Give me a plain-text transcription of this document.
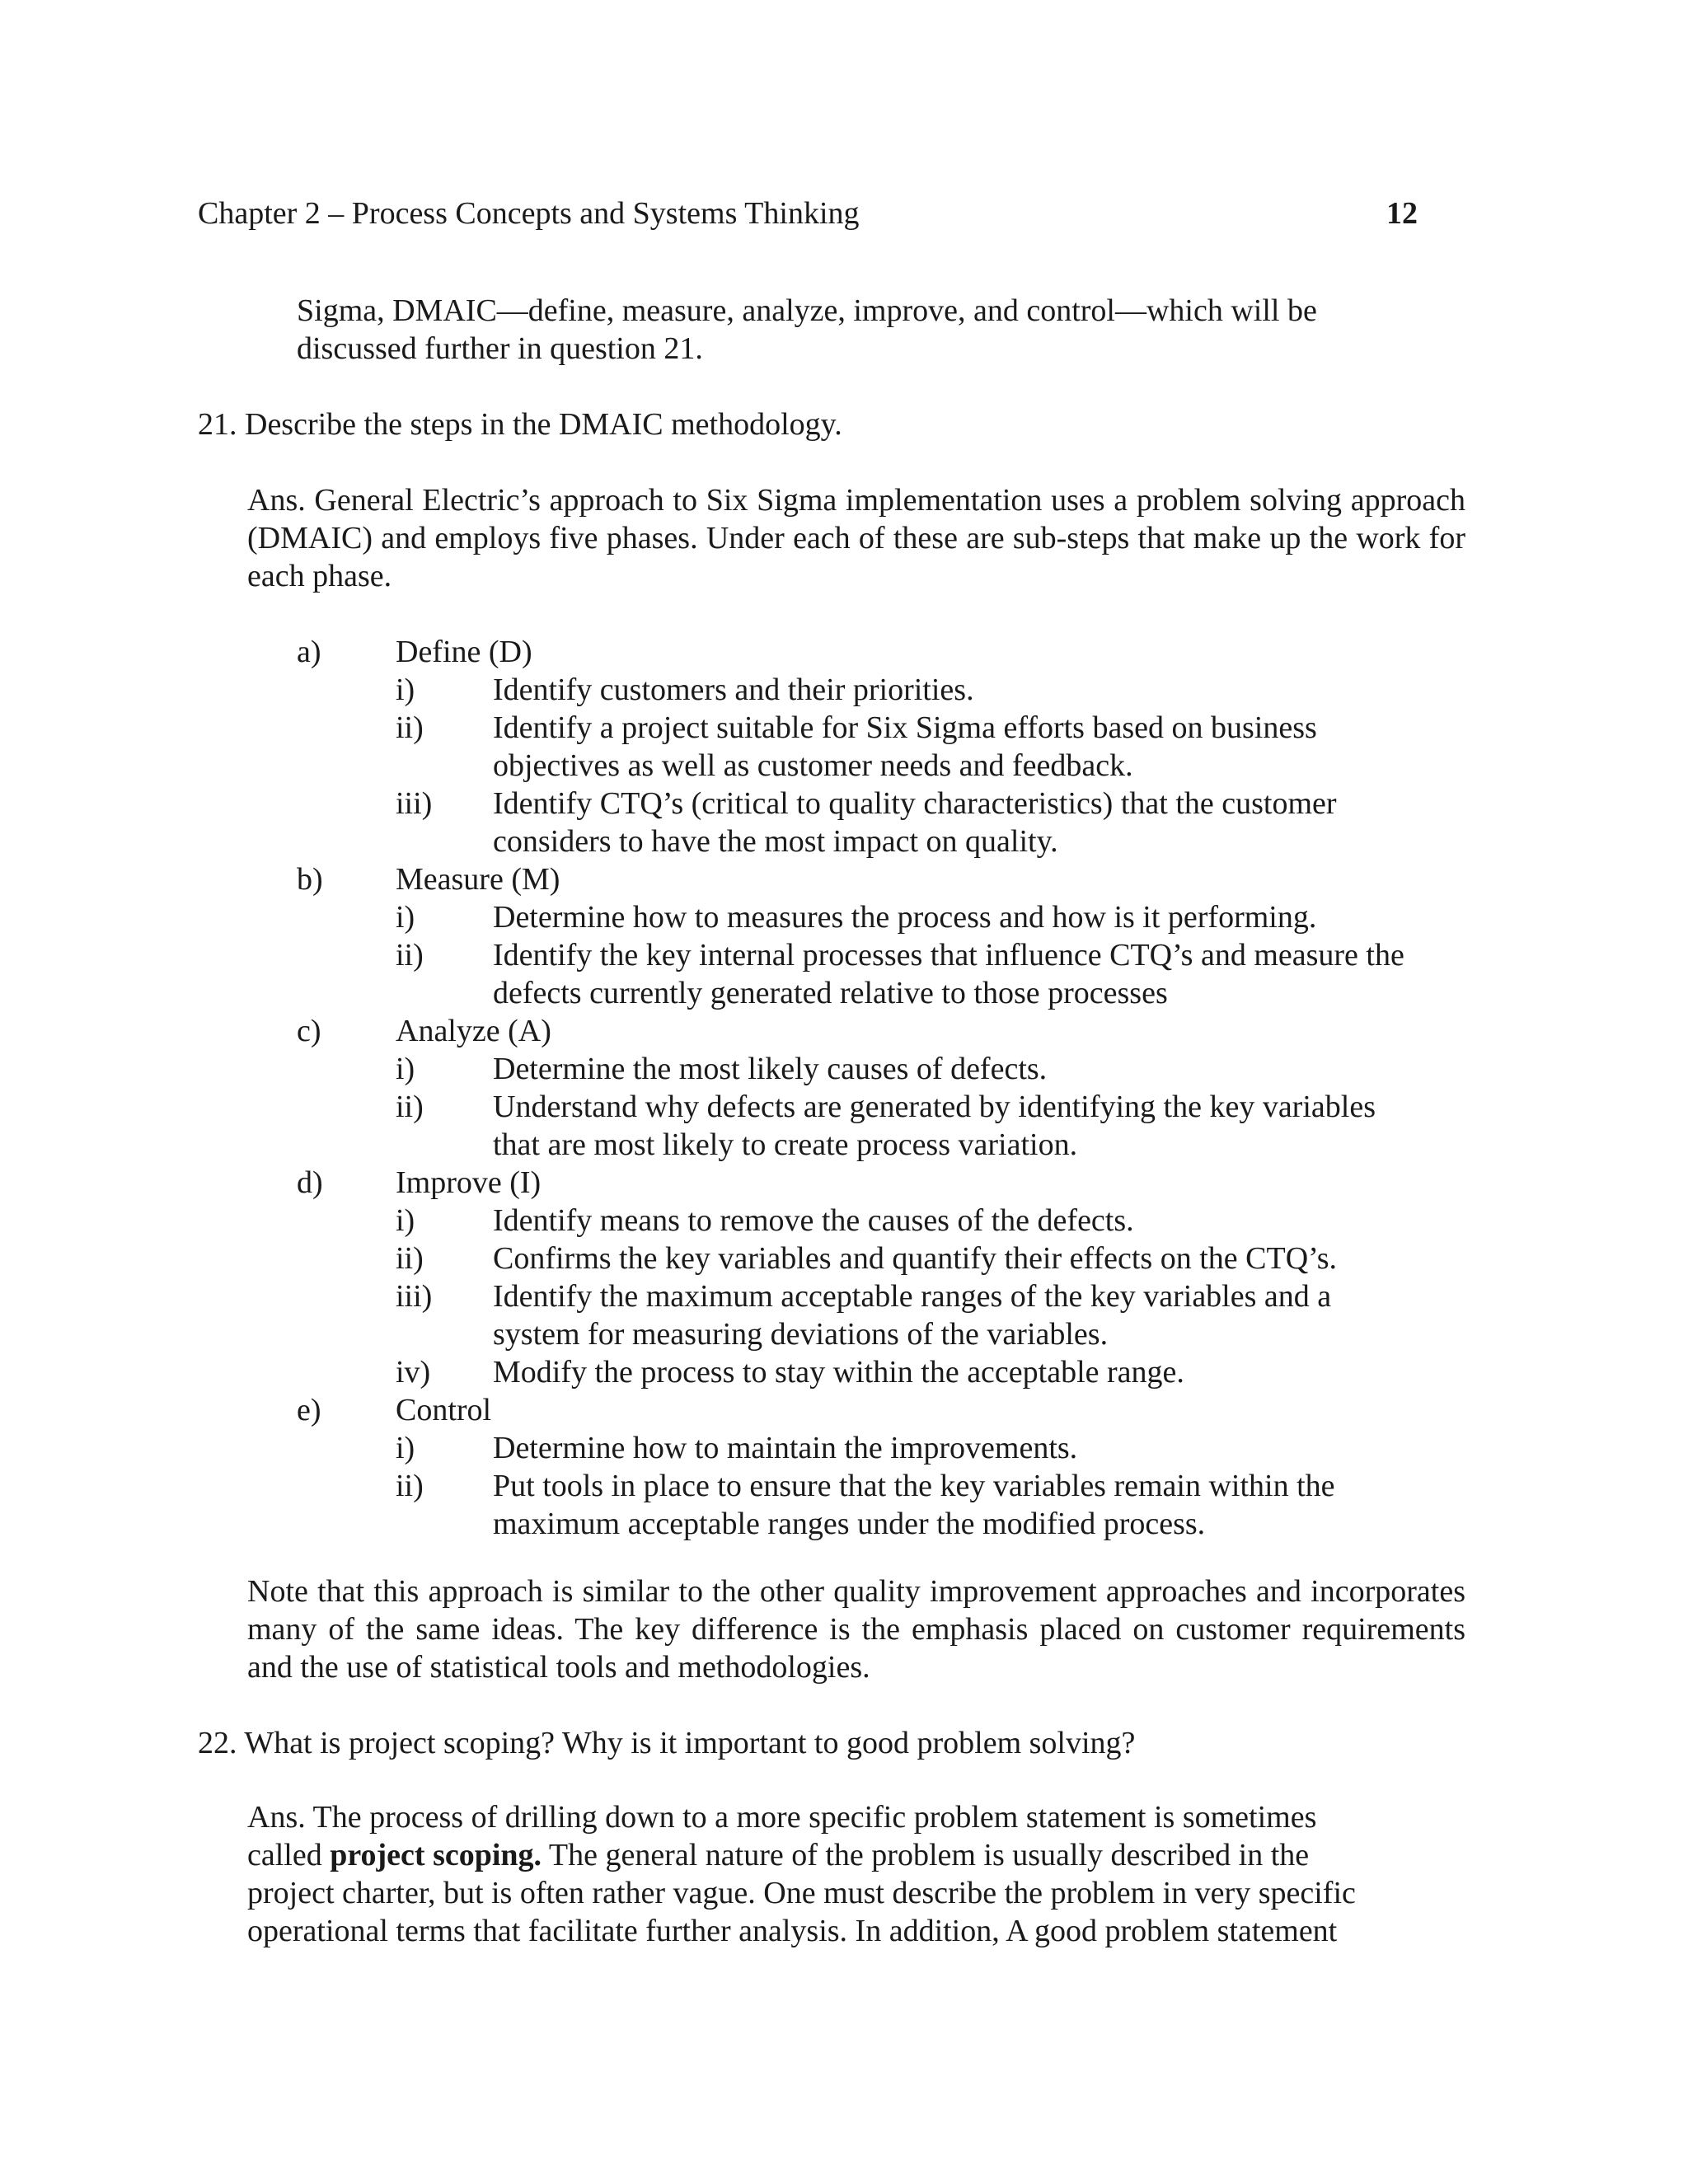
Chapter 2 – Process Concepts and Systems Thinking	12
Sigma, DMAIC—define, measure, analyze, improve, and control—which will be
discussed further in question 21.
21. Describe the steps in the DMAIC methodology.
Ans. General Electric’s approach to Six Sigma implementation uses a problem solving approach (DMAIC) and employs five phases. Under each of these are sub-steps that make up the work for each phase.
a) Define (D)
i) Identify customers and their priorities.
ii) Identify a project suitable for Six Sigma efforts based on business
objectives as well as customer needs and feedback.
iii) Identify CTQ’s (critical to quality characteristics) that the customer
considers to have the most impact on quality.
b) Measure (M)
i) Determine how to measures the process and how is it performing.
ii) Identify the key internal processes that influence CTQ’s and measure the
defects currently generated relative to those processes
c) Analyze (A)
i) Determine the most likely causes of defects.
ii) Understand why defects are generated by identifying the key variables
that are most likely to create process variation.
d) Improve (I)
i) Identify means to remove the causes of the defects.
ii) Confirms the key variables and quantify their effects on the CTQ’s.
iii) Identify the maximum acceptable ranges of the key variables and a
system for measuring deviations of the variables.
iv) Modify the process to stay within the acceptable range.
e) Control
i) Determine how to maintain the improvements.
ii) Put tools in place to ensure that the key variables remain within the
maximum acceptable ranges under the modified process.
Note that this approach is similar to the other quality improvement approaches and incorporates many of the same ideas. The key difference is the emphasis placed on customer requirements and the use of statistical tools and methodologies.
22. What is project scoping? Why is it important to good problem solving?
Ans. The process of drilling down to a more specific problem statement is sometimes
called project scoping. The general nature of the problem is usually described in the
project charter, but is often rather vague. One must describe the problem in very specific
operational terms that facilitate further analysis. In addition, A good problem statement
